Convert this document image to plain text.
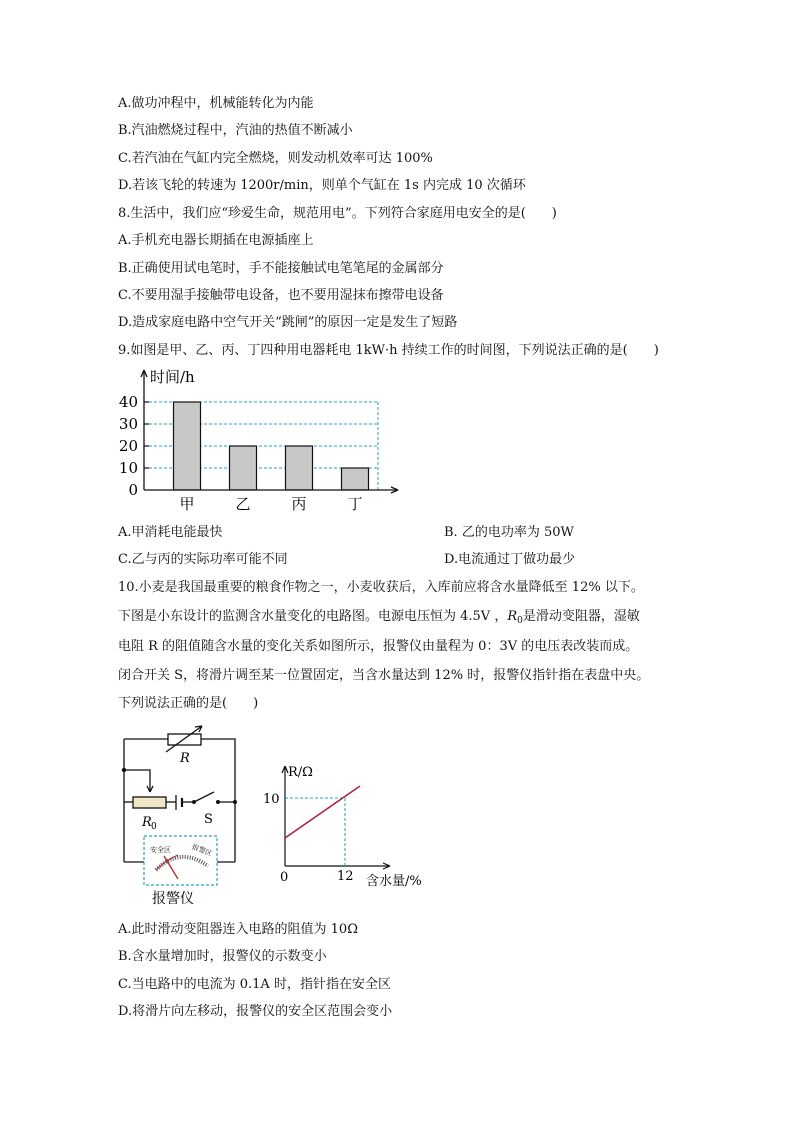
A.做功冲程中，机械能转化为内能
B.汽油燃烧过程中，汽油的热值不断减小
C.若汽油在气缸内完全燃烧，则发动机效率可达 100%
D.若该飞轮的转速为 1200r/min，则单个气缸在 1s 内完成 10 次循环
8.生活中，我们应“珍爱生命，规范用电”。下列符合家庭用电安全的是(　　)
A.手机充电器长期插在电源插座上
B.正确使用试电笔时，手不能接触试电笔笔尾的金属部分
C.不要用湿手接触带电设备，也不要用湿抹布擦带电设备
D.造成家庭电路中空气开关“跳闸”的原因一定是发生了短路
9.如图是甲、乙、丙、丁四种用电器耗电 1kW·h 持续工作的时间图，下列说法正确的是(　　)
甲	乙	丙	丁
0
10
20
30
40
时间/h
A.甲消耗电能最快	B. 乙的电功率为 50W
C.乙与丙的实际功率可能不同	D.电流通过丁做功最少
10.小麦是我国最重要的粮食作物之一，小麦收获后，入库前应将含水量降低至 12% 以下。
下图是小东设计的监测含水量变化的电路图。电源电压恒为 4.5V ，$R_0$是滑动变阻器，湿敏
电阻 R 的阻值随含水量的变化关系如图所示，报警仪由量程为 0：3V 的电压表改装而成。
闭合开关 S，将滑片调至某一位置固定，当含水量达到 12% 时，报警仪指针指在表盘中央。
下列说法正确的是(　　)
安全区	报警区
R
R 0	S
报警仪
R/Ω
10
0	12 含水量/%
A.此时滑动变阻器连入电路的阻值为 10Ω
B.含水量增加时，报警仪的示数变小
C.当电路中的电流为 0.1A 时，指针指在安全区
D.将滑片向左移动，报警仪的安全区范围会变小
